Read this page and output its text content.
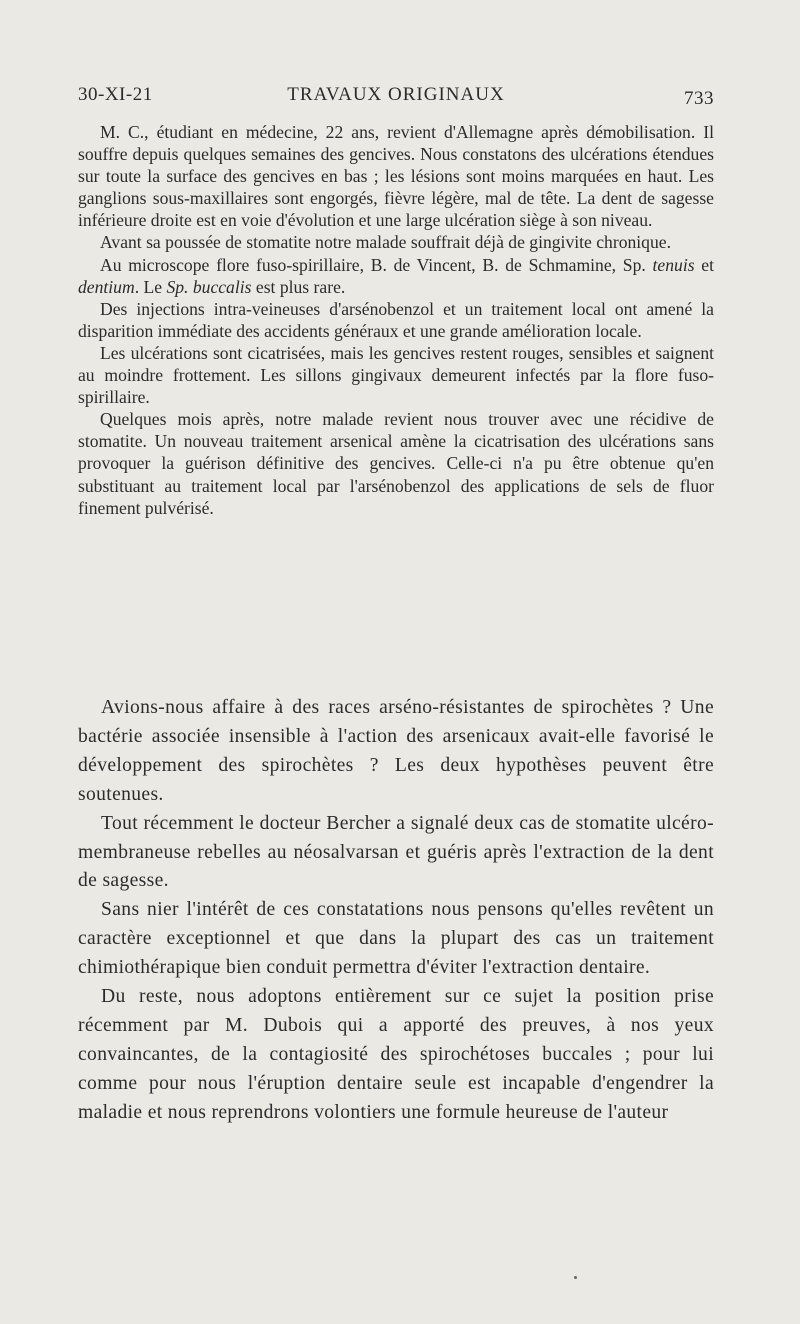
30-XI-21	TRAVAUX ORIGINAUX	733

M. C., étudiant en médecine, 22 ans, revient d'Allemagne après démobilisation. Il souffre depuis quelques semaines des gencives. Nous constatons des ulcérations étendues sur toute la surface des gencives en bas ; les lésions sont moins marquées en haut. Les ganglions sous-maxillaires sont engorgés, fièvre légère, mal de tête. La dent de sagesse inférieure droite est en voie d'évolution et une large ulcération siège à son niveau.

Avant sa poussée de stomatite notre malade souffrait déjà de gingivite chronique.

Au microscope flore fuso-spirillaire, B. de Vincent, B. de Schmamine, Sp. tenuis et dentium. Le Sp. buccalis est plus rare.

Des injections intra-veineuses d'arsénobenzol et un traitement local ont amené la disparition immédiate des accidents généraux et une grande amélioration locale.

Les ulcérations sont cicatrisées, mais les gencives restent rouges, sensibles et saignent au moindre frottement. Les sillons gingivaux demeurent infectés par la flore fuso-spirillaire.

Quelques mois après, notre malade revient nous trouver avec une récidive de stomatite. Un nouveau traitement arsenical amène la cicatrisation des ulcérations sans provoquer la guérison définitive des gencives. Celle-ci n'a pu être obtenue qu'en substituant au traitement local par l'arsénobenzol des applications de sels de fluor finement pulvérisé.

Avions-nous affaire à des races arséno-résistantes de spirochètes ? Une bactérie associée insensible à l'action des arsenicaux avait-elle favorisé le développement des spirochètes ? Les deux hypothèses peuvent être soutenues.

Tout récemment le docteur Bercher a signalé deux cas de stomatite ulcéro-membraneuse rebelles au néosalvarsan et guéris après l'extraction de la dent de sagesse.

Sans nier l'intérêt de ces constatations nous pensons qu'elles revêtent un caractère exceptionnel et que dans la plupart des cas un traitement chimiothérapique bien conduit permettra d'éviter l'extraction dentaire.

Du reste, nous adoptons entièrement sur ce sujet la position prise récemment par M. Dubois qui a apporté des preuves, à nos yeux convaincantes, de la contagiosité des spirochétoses buccales ; pour lui comme pour nous l'éruption dentaire seule est incapable d'engendrer la maladie et nous reprendrons volontiers une formule heureuse de l'auteur
